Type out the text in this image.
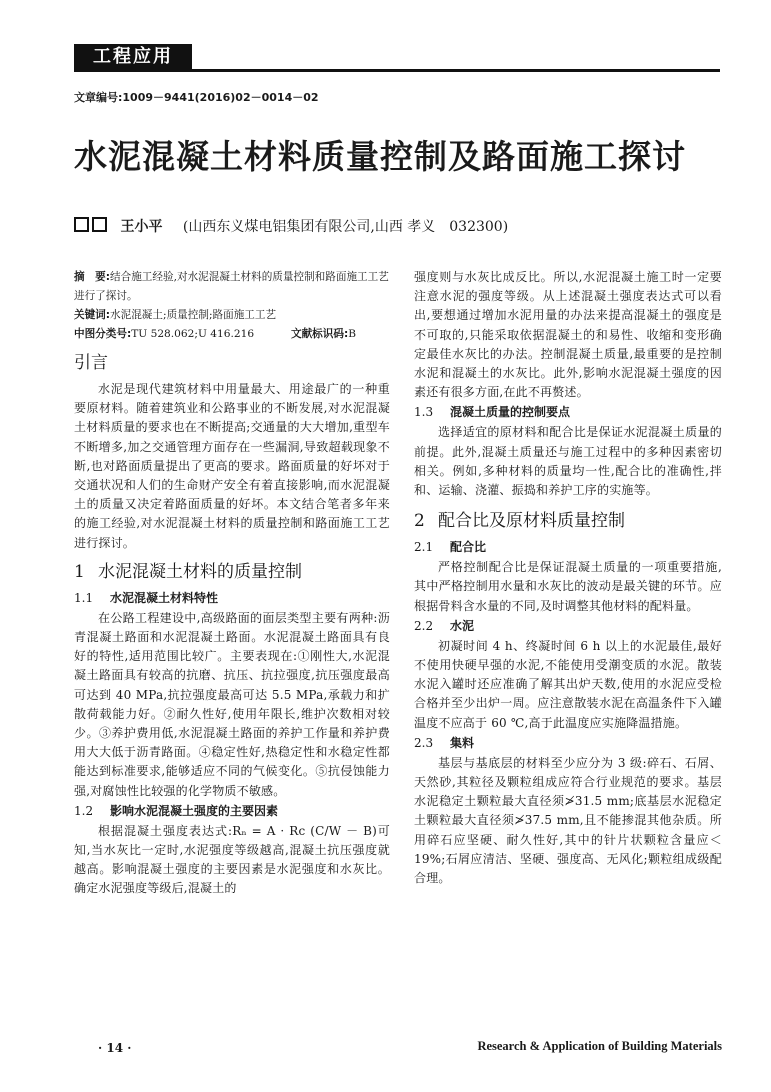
工程应用
文章编号:1009－9441(2016)02－0014－02
水泥混凝土材料质量控制及路面施工探讨
王小平 (山西东义煤电铝集团有限公司,山西 孝义　032300)
摘　要:结合施工经验,对水泥混凝土材料的质量控制和路面施工工艺进行了探讨。
关键词:水泥混凝土;质量控制;路面施工工艺
中图分类号:TU 528.062;U 416.216	文献标识码:B
引言

水泥是现代建筑材料中用量最大、用途最广的一种重要原材料。随着建筑业和公路事业的不断发展,对水泥混凝土材料质量的要求也在不断提高;交通量的大大增加,重型车不断增多,加之交通管理方面存在一些漏洞,导致超载现象不断,也对路面质量提出了更高的要求。路面质量的好坏对于交通状况和人们的生命财产安全有着直接影响,而水泥混凝土的质量又决定着路面质量的好坏。本文结合笔者多年来的施工经验,对水泥混凝土材料的质量控制和路面施工工艺进行探讨。

1 水泥混凝土材料的质量控制
1.1 水泥混凝土材料特性

在公路工程建设中,高级路面的面层类型主要有两种:沥青混凝土路面和水泥混凝土路面。水泥混凝土路面具有良好的特性,适用范围比较广。主要表现在:①刚性大,水泥混凝土路面具有较高的抗磨、抗压、抗拉强度,抗压强度最高可达到 40 MPa,抗拉强度最高可达 5.5 MPa,承载力和扩散荷载能力好。②耐久性好,使用年限长,维护次数相对较少。③养护费用低,水泥混凝土路面的养护工作量和养护费用大大低于沥青路面。④稳定性好,热稳定性和水稳定性都能达到标准要求,能够适应不同的气候变化。⑤抗侵蚀能力强,对腐蚀性比较强的化学物质不敏感。

1.2 影响水泥混凝土强度的主要因素

根据混凝土强度表达式:Rₙ = A · Rc (C/W － B)可知,当水灰比一定时,水泥强度等级越高,混凝土抗压强度就越高。影响混凝土强度的主要因素是水泥强度和水灰比。确定水泥强度等级后,混凝土的

强度则与水灰比成反比。所以,水泥混凝土施工时一定要注意水泥的强度等级。从上述混凝土强度表达式可以看出,要想通过增加水泥用量的办法来提高混凝土的强度是不可取的,只能采取依据混凝土的和易性、收缩和变形确定最佳水灰比的办法。控制混凝土质量,最重要的是控制水泥和混凝土的水灰比。此外,影响水泥混凝土强度的因素还有很多方面,在此不再赘述。

1.3 混凝土质量的控制要点

选择适宜的原材料和配合比是保证水泥混凝土质量的前提。此外,混凝土质量还与施工过程中的多种因素密切相关。例如,多种材料的质量均一性,配合比的准确性,拌和、运输、浇灌、振捣和养护工序的实施等。

2 配合比及原材料质量控制
2.1 配合比

严格控制配合比是保证混凝土质量的一项重要措施,其中严格控制用水量和水灰比的波动是最关键的环节。应根据骨料含水量的不同,及时调整其他材料的配料量。

2.2 水泥

初凝时间 4 h、终凝时间 6 h 以上的水泥最佳,最好不使用快硬早强的水泥,不能使用受潮变质的水泥。散装水泥入罐时还应准确了解其出炉天数,使用的水泥应受检合格并至少出炉一周。应注意散装水泥在高温条件下入罐温度不应高于 60 ℃,高于此温度应实施降温措施。

2.3 集料

基层与基底层的材料至少应分为 3 级:碎石、石屑、天然砂,其粒径及颗粒组成应符合行业规范的要求。基层水泥稳定土颗粒最大直径须≯31.5 mm;底基层水泥稳定土颗粒最大直径须≯37.5 mm,且不能掺混其他杂质。所用碎石应坚硬、耐久性好,其中的针片状颗粒含量应＜19%;石屑应清洁、坚硬、强度高、无风化;颗粒组成级配合理。

· 14 ·	Research & Application of Building Materials
